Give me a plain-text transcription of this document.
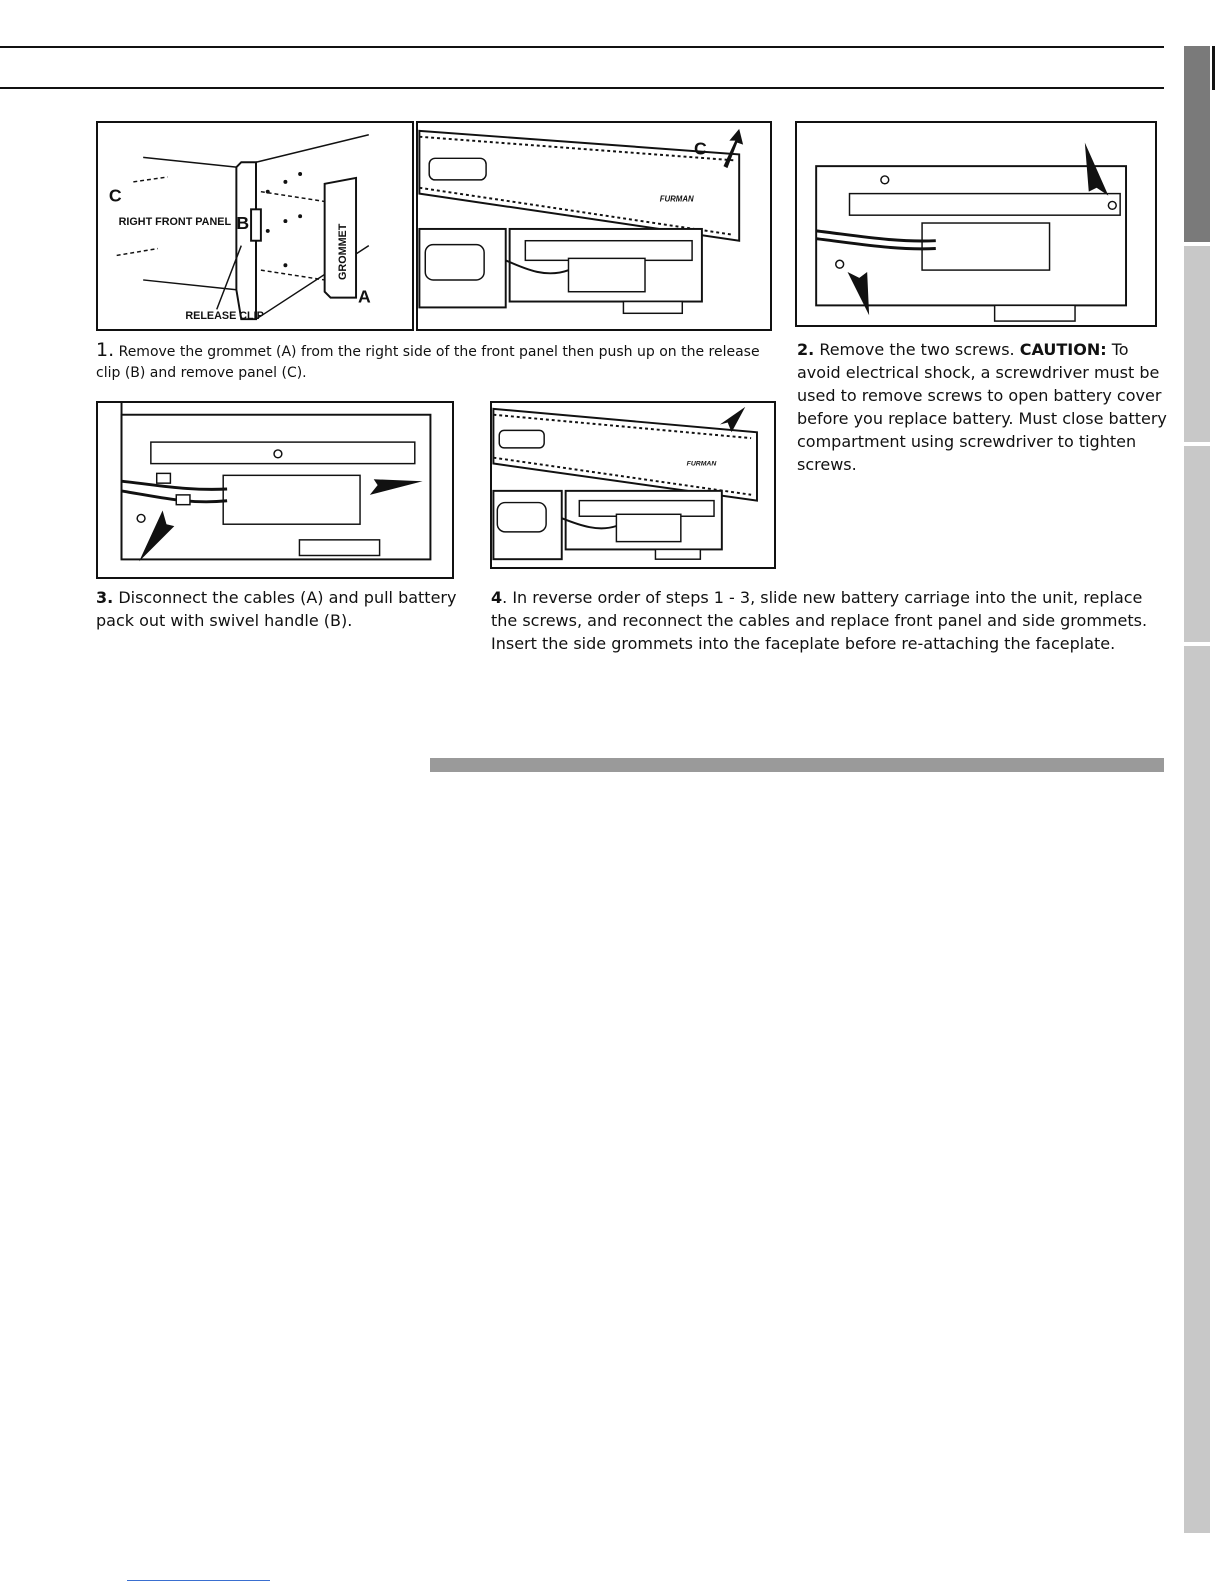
C
RIGHT FRONT PANEL B
GROMMET
A
RELEASE CLIP
FURMAN
C
1. Remove the grommet (A) from the right side of the front panel then push up on the release clip (B) and remove panel (C).
2. Remove the two screws. CAUTION: To avoid electrical shock, a screwdriver must be used to remove screws to open battery cover before you replace battery. Must close battery compartment using screwdriver to tighten screws.
FURMAN
3. Disconnect the cables (A) and pull battery pack out with swivel handle (B).
4. In reverse order of steps 1 - 3, slide new battery carriage into the unit, replace the screws, and reconnect the cables and replace front panel and side grommets. Insert the side grommets into the faceplate before re-attaching the faceplate.
